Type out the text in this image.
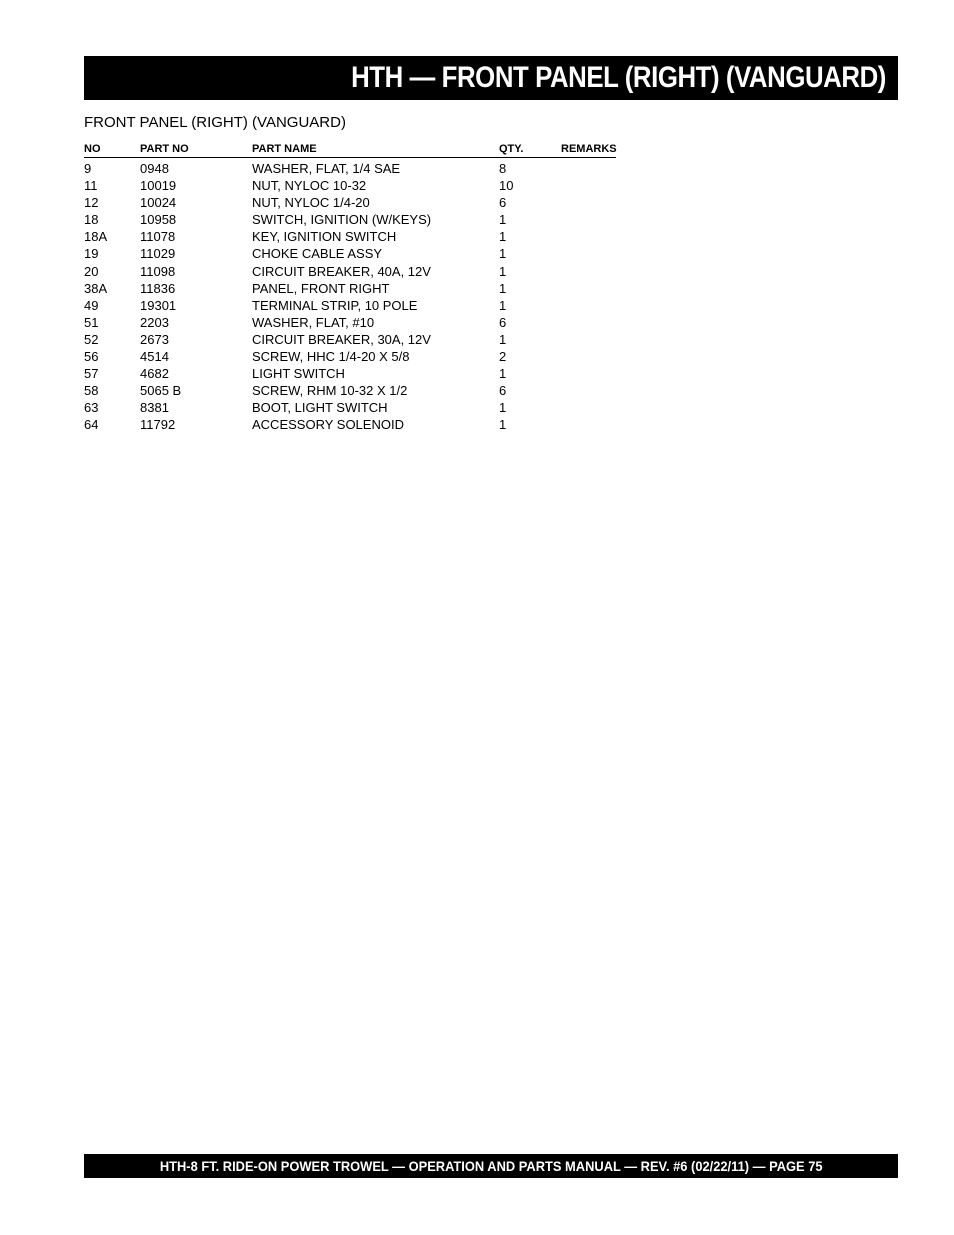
HTH — FRONT PANEL (RIGHT) (VANGUARD)
FRONT PANEL (RIGHT) (VANGUARD)
NO	PART NO	PART NAME	QTY.	REMARKS
9	0948	WASHER, FLAT, 1/4 SAE	8
11	10019	NUT, NYLOC 10-32	10
12	10024	NUT, NYLOC 1/4-20	6
18	10958	SWITCH, IGNITION (W/KEYS)	1
18A	11078	KEY, IGNITION SWITCH	1
19	11029	CHOKE CABLE ASSY	1
20	11098	CIRCUIT BREAKER, 40A, 12V	1
38A	11836	PANEL, FRONT RIGHT	1
49	19301	TERMINAL STRIP, 10 POLE	1
51	2203	WASHER, FLAT, #10	6
52	2673	CIRCUIT BREAKER, 30A, 12V	1
56	4514	SCREW, HHC 1/4-20 X 5/8	2
57	4682	LIGHT SWITCH	1
58	5065 B	SCREW, RHM 10-32 X 1/2	6
63	8381	BOOT, LIGHT SWITCH	1
64	11792	ACCESSORY SOLENOID	1
HTH-8 FT. RIDE-ON POWER TROWEL — OPERATION AND PARTS MANUAL — REV. #6 (02/22/11) — PAGE 75
